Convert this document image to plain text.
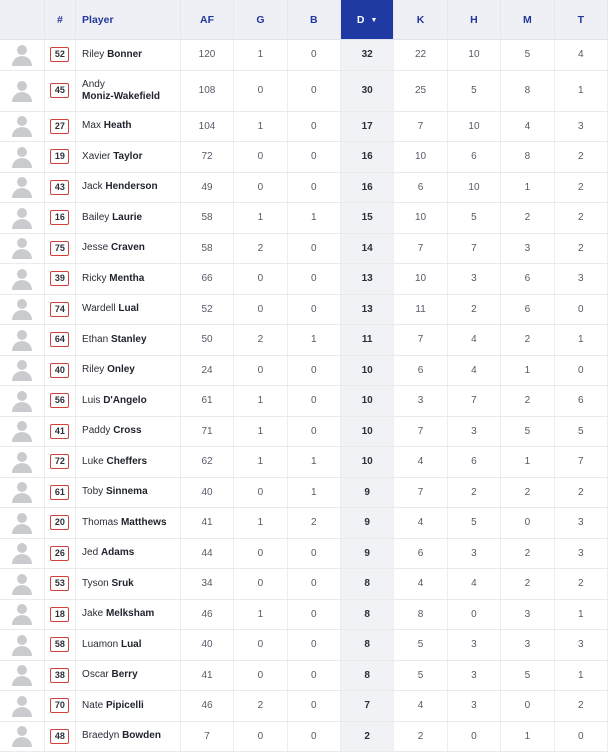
	#	Player	AF	G	B	D ▼	K	H	M	T

	52	Riley Bonner	120	1	0	32	22	10	5	4

	45	Andy
Moniz-Wakefield	108	0	0	30	25	5	8	1

	27	Max Heath	104	1	0	17	7	10	4	3

	19	Xavier Taylor	72	0	0	16	10	6	8	2

	43	Jack Henderson	49	0	0	16	6	10	1	2

	16	Bailey Laurie	58	1	1	15	10	5	2	2

	75	Jesse Craven	58	2	0	14	7	7	3	2

	39	Ricky Mentha	66	0	0	13	10	3	6	3

	74	Wardell Lual	52	0	0	13	11	2	6	0

	64	Ethan Stanley	50	2	1	11	7	4	2	1

	40	Riley Onley	24	0	0	10	6	4	1	0

	56	Luis D'Angelo	61	1	0	10	3	7	2	6

	41	Paddy Cross	71	1	0	10	7	3	5	5

	72	Luke Cheffers	62	1	1	10	4	6	1	7

	61	Toby Sinnema	40	0	1	9	7	2	2	2

	20	Thomas Matthews	41	1	2	9	4	5	0	3

	26	Jed Adams	44	0	0	9	6	3	2	3

	53	Tyson Sruk	34	0	0	8	4	4	2	2

	18	Jake Melksham	46	1	0	8	8	0	3	1

	58	Luamon Lual	40	0	0	8	5	3	3	3

	38	Oscar Berry	41	0	0	8	5	3	5	1

	70	Nate Pipicelli	46	2	0	7	4	3	0	2

	48	Braedyn Bowden	7	0	0	2	2	0	1	0
